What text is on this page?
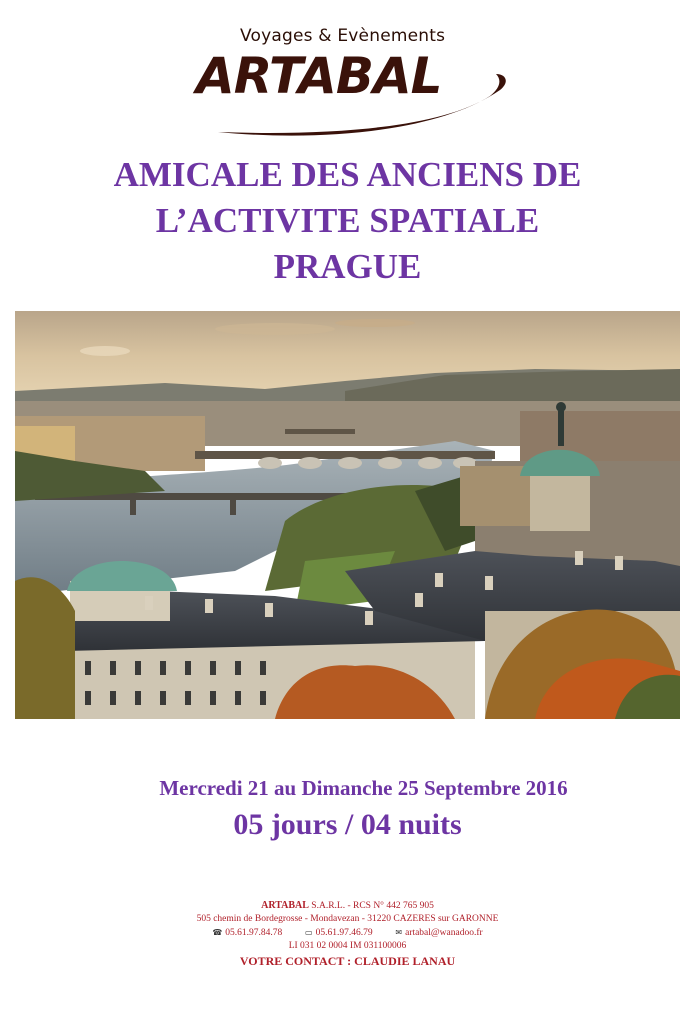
Voyages & Evènements
ARTABAL
AMICALE DES ANCIENS DE
L’ACTIVITE SPATIALE
PRAGUE
Mercredi 21 au Dimanche 25 Septembre 2016
05 jours / 04 nuits
ARTABAL S.A.R.L. - RCS N° 442 765 905
505 chemin de Bordegrosse - Mondavezan - 31220 CAZERES sur GARONNE
☎ 05.61.97.84.78	▭ 05.61.97.46.79	✉ artabal@wanadoo.fr
LI 031 02 0004 IM 031100006
VOTRE CONTACT : CLAUDIE LANAU
